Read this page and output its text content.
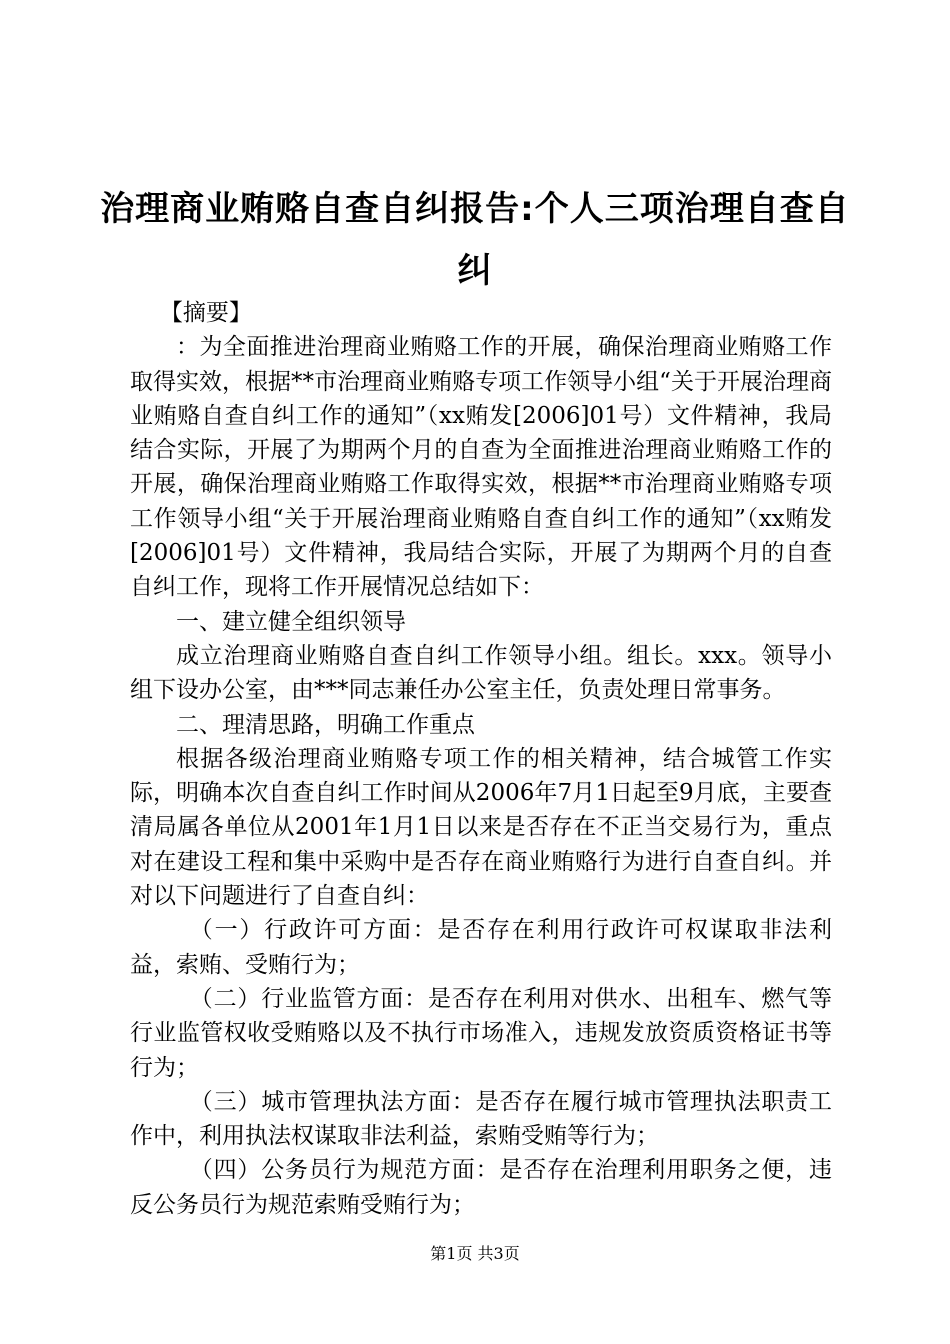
治理商业贿赂自查自纠报告:个人三项治理自查自纠

【摘要】

：为全面推进治理商业贿赂工作的开展，确保治理商业贿赂工作取得实效，根据**市治理商业贿赂专项工作领导小组“关于开展治理商业贿赂自查自纠工作的通知”（xx贿发[2006]01号）文件精神，我局结合实际，开展了为期两个月的自查为全面推进治理商业贿赂工作的开展，确保治理商业贿赂工作取得实效，根据**市治理商业贿赂专项工作领导小组“关于开展治理商业贿赂自查自纠工作的通知”（xx贿发[2006]01号）文件精神，我局结合实际，开展了为期两个月的自查自纠工作，现将工作开展情况总结如下：

一、建立健全组织领导

成立治理商业贿赂自查自纠工作领导小组。组长。xxx。领导小组下设办公室，由***同志兼任办公室主任，负责处理日常事务。

二、理清思路，明确工作重点

根据各级治理商业贿赂专项工作的相关精神，结合城管工作实际，明确本次自查自纠工作时间从2006年7月1日起至9月底，主要查清局属各单位从2001年1月1日以来是否存在不正当交易行为，重点对在建设工程和集中采购中是否存在商业贿赂行为进行自查自纠。并对以下问题进行了自查自纠：

（一）行政许可方面：是否存在利用行政许可权谋取非法利益，索贿、受贿行为；

（二）行业监管方面：是否存在利用对供水、出租车、燃气等行业监管权收受贿赂以及不执行市场准入，违规发放资质资格证书等行为；

（三）城市管理执法方面：是否存在履行城市管理执法职责工作中，利用执法权谋取非法利益，索贿受贿等行为；

（四）公务员行为规范方面：是否存在治理利用职务之便，违反公务员行为规范索贿受贿行为；

第1页 共3页
